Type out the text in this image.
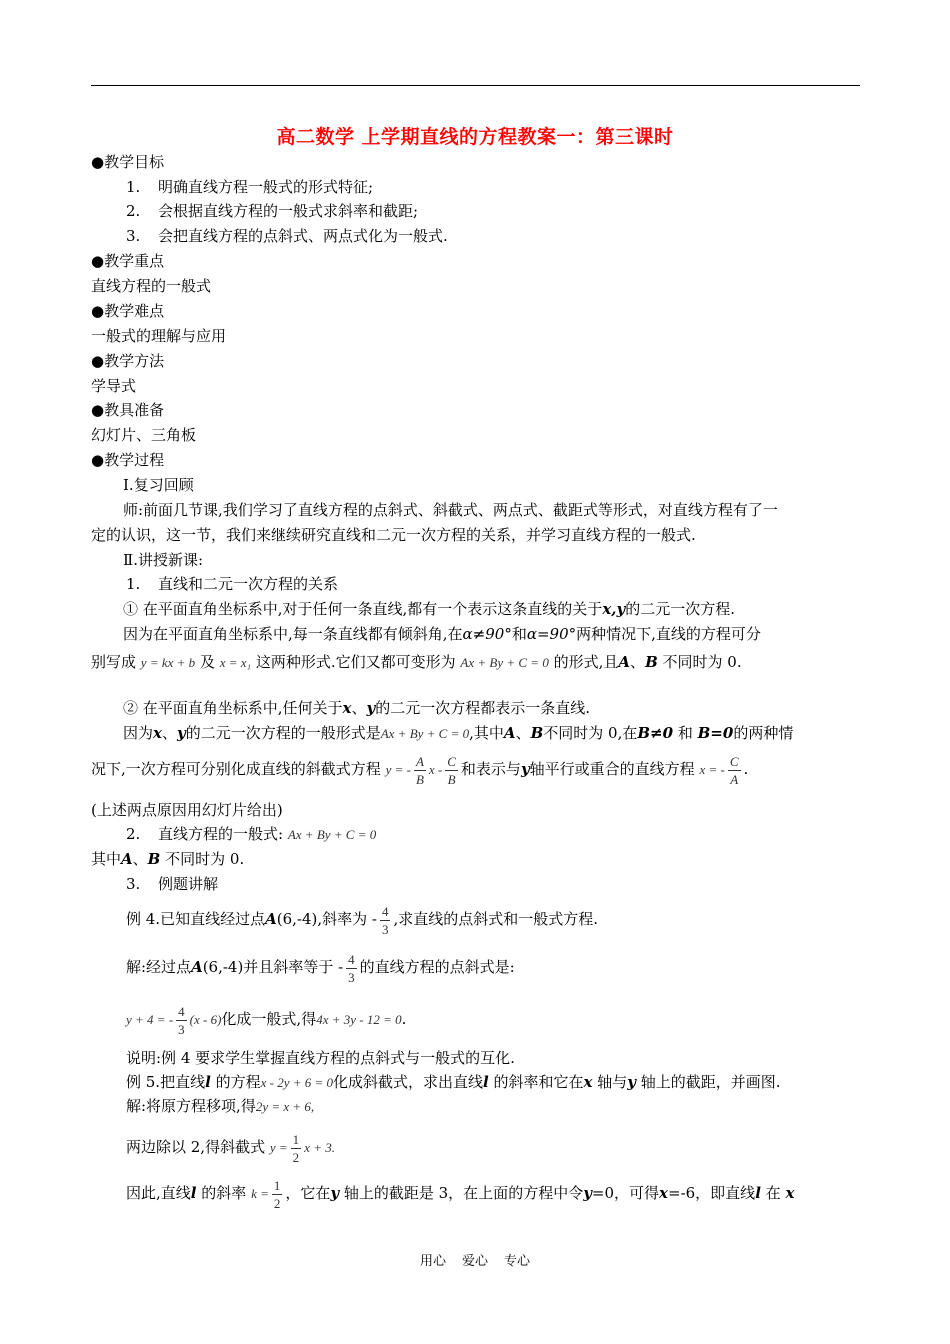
高二数学 上学期直线的方程教案一：第三课时
●教学目标
1. 明确直线方程一般式的形式特征;
2. 会根据直线方程的一般式求斜率和截距;
3. 会把直线方程的点斜式、两点式化为一般式.
●教学重点
直线方程的一般式
●教学难点
一般式的理解与应用
●教学方法
学导式
●教具准备
幻灯片、三角板
●教学过程
Ⅰ.复习回顾
师:前面几节课,我们学习了直线方程的点斜式、斜截式、两点式、截距式等形式，对直线方程有了一
定的认识，这一节，我们来继续研究直线和二元一次方程的关系，并学习直线方程的一般式.
Ⅱ.讲授新课:
1. 直线和二元一次方程的关系
① 在平面直角坐标系中,对于任何一条直线,都有一个表示这条直线的关于x,y的二元一次方程.
因为在平面直角坐标系中,每一条直线都有倾斜角,在α≠90°和α=90°两种情况下,直线的方程可分
别写成 y = kx + b 及 x = x₁ 这两种形式.它们又都可变形为 Ax + By + C = 0 的形式,且A、B 不同时为 0.
② 在平面直角坐标系中,任何关于x、y的二元一次方程都表示一条直线.
因为x、y的二元一次方程的一般形式是Ax + By + C = 0,其中A、B不同时为 0,在B≠0 和 B=0的两种情
况下,一次方程可分别化成直线的斜截式方程 y = - $\frac{A}{B}$ x - $\frac{C}{B}$ 和表示与y轴平行或重合的直线方程 x = - $\frac{C}{A}$ .
(上述两点原因用幻灯片给出)
2. 直线方程的一般式: Ax + By + C = 0
其中A、B 不同时为 0.
3. 例题讲解
例 4.已知直线经过点A(6,-4),斜率为 - $\frac{4}{3}$ ,求直线的点斜式和一般式方程.
解:经过点A(6,-4)并且斜率等于 - $\frac{4}{3}$ 的直线方程的点斜式是:
y + 4 = - $\frac{4}{3} (x - 6)$化成一般式,得4x + 3y - 12 = 0.
说明:例 4 要求学生掌握直线方程的点斜式与一般式的互化.
例 5.把直线l 的方程x - 2y + 6 = 0化成斜截式，求出直线l 的斜率和它在x 轴与y 轴上的截距，并画图.
解:将原方程移项,得2y = x + 6,
两边除以 2,得斜截式 $y = \frac{1}{2}$ x + 3.
因此,直线l 的斜率 $k = \frac{1}{2}$ ，它在y 轴上的截距是 3，在上面的方程中令y=0，可得x=-6，即直线l 在 x
用心 爱心 专心
